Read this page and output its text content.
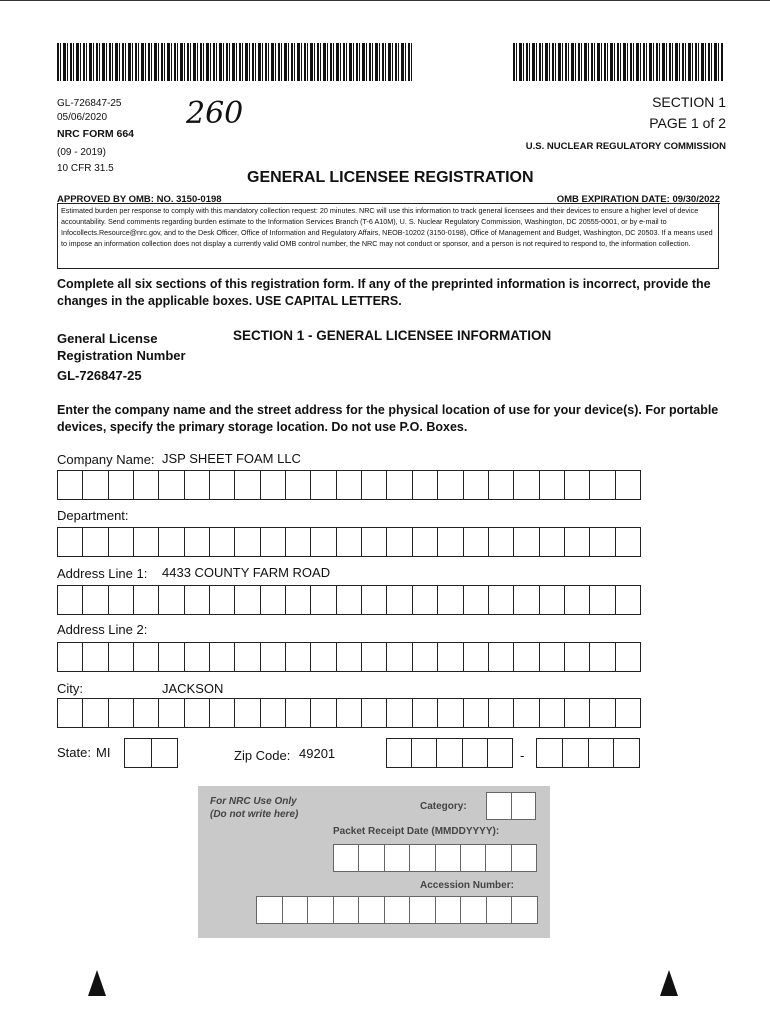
GL-726847-25
05/06/2020
NRC FORM 664
(09 - 2019)
10 CFR 31.5
260	SECTION 1
PAGE 1 of 2
U.S. NUCLEAR REGULATORY COMMISSION
GENERAL LICENSEE REGISTRATION
APPROVED BY OMB: NO. 3150-0198	OMB EXPIRATION DATE: 09/30/2022
Estimated burden per response to comply with this mandatory collection request: 20 minutes. NRC will use this information to track general licensees and their devices to ensure a higher level of device accountability. Send comments regarding burden estimate to the Information Services Branch (T-6 A10M), U. S. Nuclear Regulatory Commission, Washington, DC 20555-0001, or by e-mail to Infocollects.Resource@nrc.gov, and to the Desk Officer, Office of Information and Regulatory Affairs, NEOB-10202 (3150-0198), Office of Management and Budget, Washington, DC 20503. If a means used to impose an information collection does not display a currently valid OMB control number, the NRC may not conduct or sponsor, and a person is not required to respond to, the information collection.
Complete all six sections of this registration form. If any of the preprinted information is incorrect, provide the changes in the applicable boxes. USE CAPITAL LETTERS.
General License
Registration Number
GL-726847-25
SECTION 1 - GENERAL LICENSEE INFORMATION
Enter the company name and the street address for the physical location of use for your device(s). For portable devices, specify the primary storage location. Do not use P.O. Boxes.
Company Name: JSP SHEET FOAM LLC
Department:
Address Line 1: 4433 COUNTY FARM ROAD
Address Line 2:
City:	JACKSON
State: MI	Zip Code: 49201	-
For NRC Use Only
(Do not write here)
Category:
Packet Receipt Date (MMDDYYYY):
Accession Number:
